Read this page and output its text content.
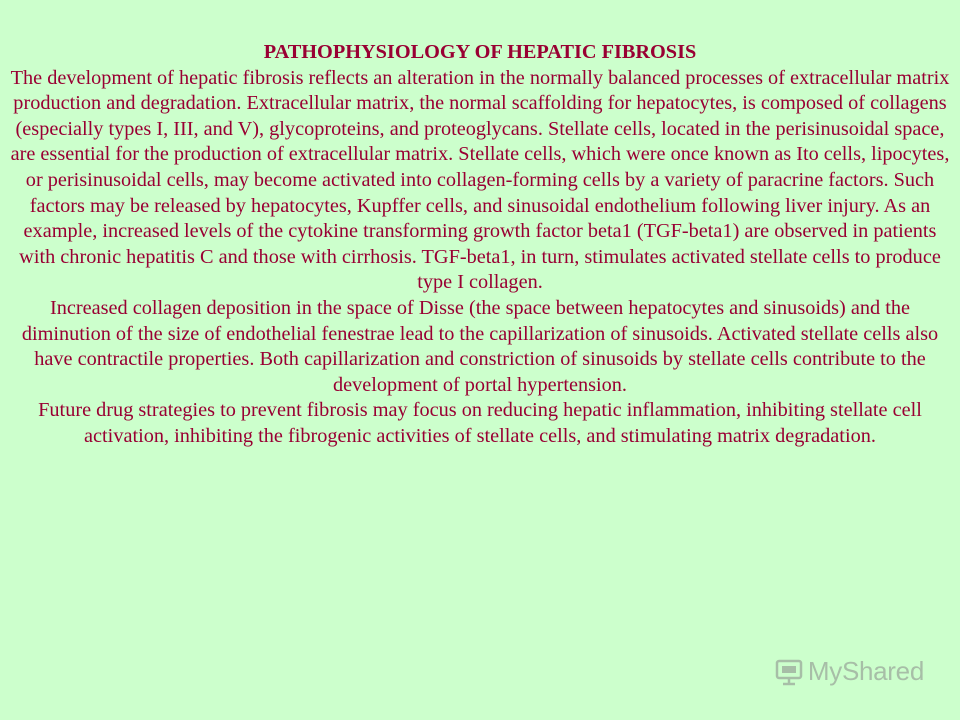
PATHOPHYSIOLOGY OF HEPATIC FIBROSIS

The development of hepatic fibrosis reflects an alteration in the normally balanced processes of extracellular matrix production and degradation. Extracellular matrix, the normal scaffolding for hepatocytes, is composed of collagens (especially types I, III, and V), glycoproteins, and proteoglycans. Stellate cells, located in the perisinusoidal space, are essential for the production of extracellular matrix. Stellate cells, which were once known as Ito cells, lipocytes, or perisinusoidal cells, may become activated into collagen-forming cells by a variety of paracrine factors. Such factors may be released by hepatocytes, Kupffer cells, and sinusoidal endothelium following liver injury. As an example, increased levels of the cytokine transforming growth factor beta1 (TGF-beta1) are observed in patients with chronic hepatitis C and those with cirrhosis. TGF-beta1, in turn, stimulates activated stellate cells to produce type I collagen.

Increased collagen deposition in the space of Disse (the space between hepatocytes and sinusoids) and the diminution of the size of endothelial fenestrae lead to the capillarization of sinusoids. Activated stellate cells also have contractile properties. Both capillarization and constriction of sinusoids by stellate cells contribute to the development of portal hypertension.

Future drug strategies to prevent fibrosis may focus on reducing hepatic inflammation, inhibiting stellate cell activation, inhibiting the fibrogenic activities of stellate cells, and stimulating matrix degradation.

MyShared
